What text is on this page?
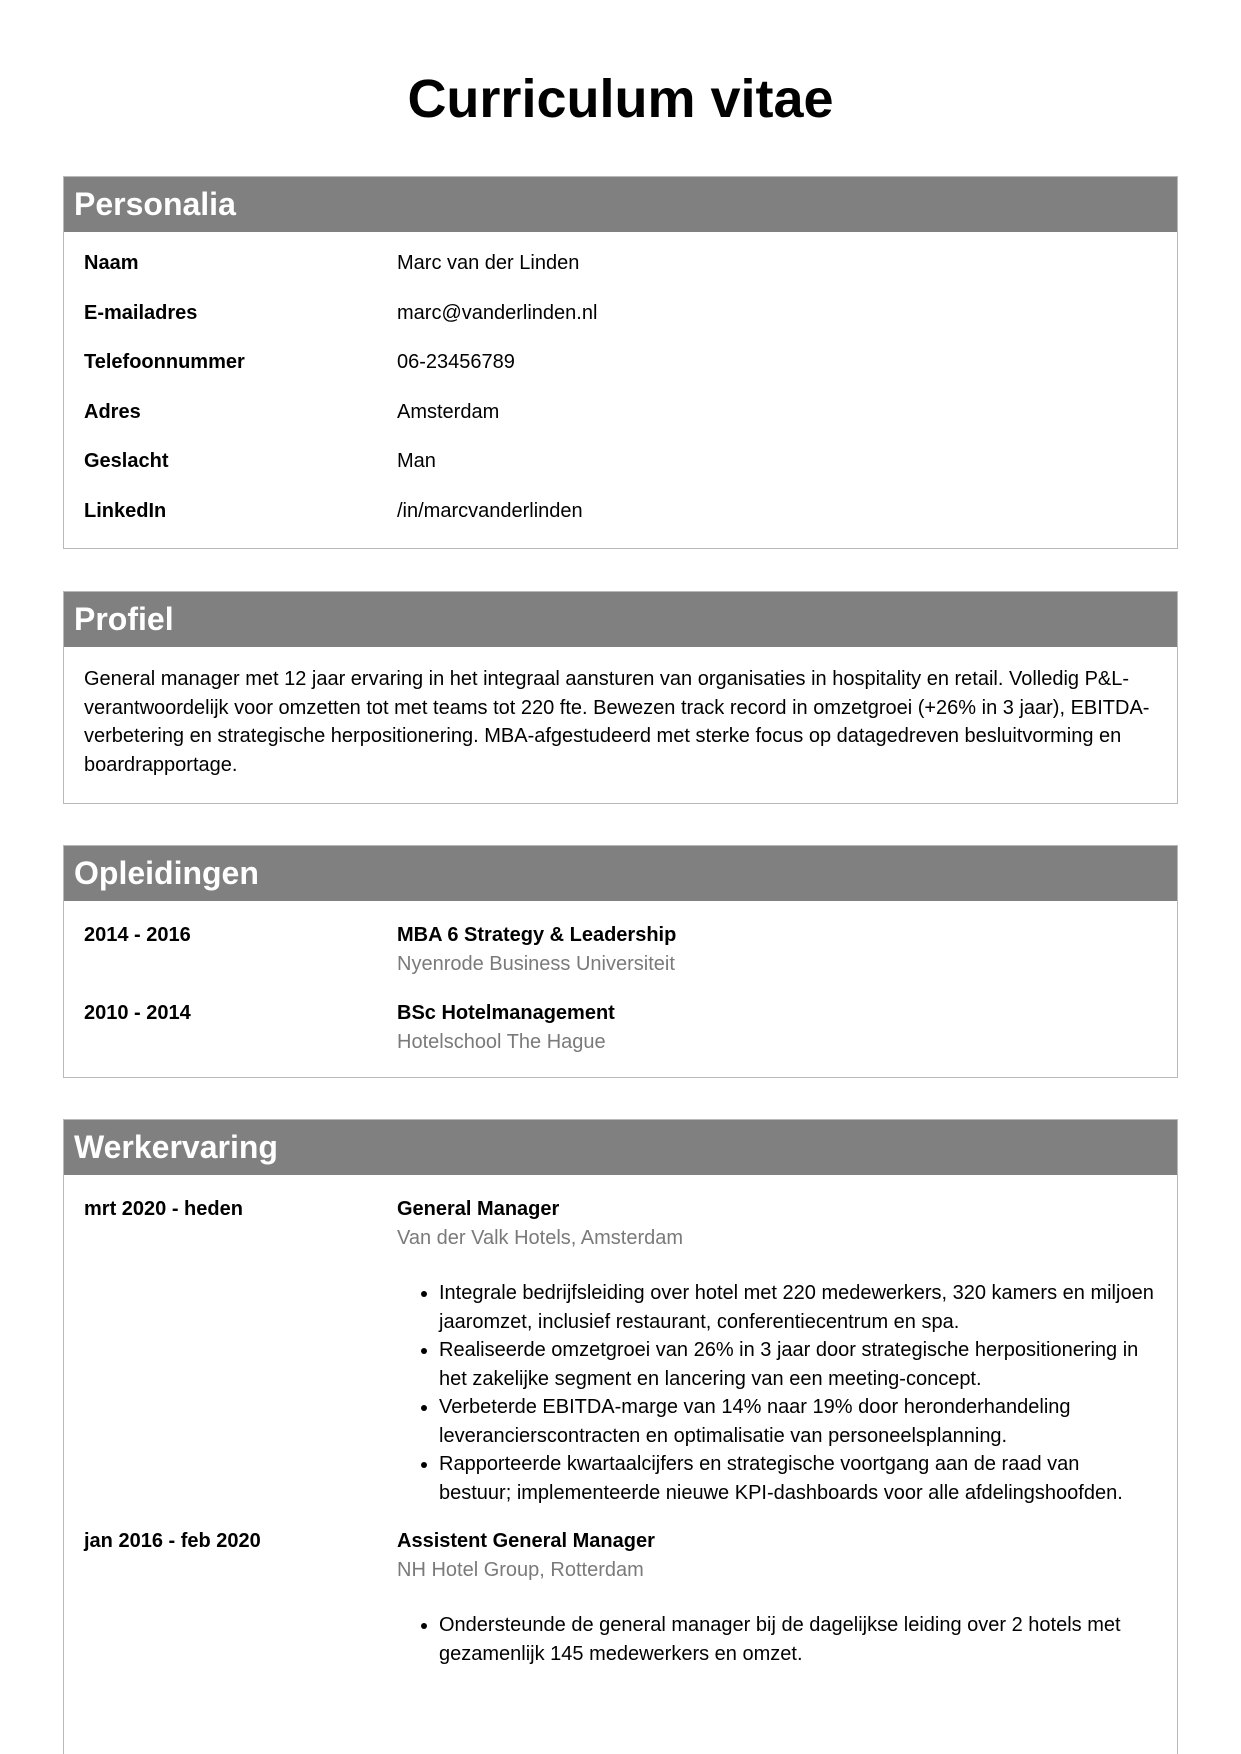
Curriculum vitae
Personalia
Naam	Marc van der Linden
E-mailadres	marc@vanderlinden.nl
Telefoonnummer	06-23456789
Adres	Amsterdam
Geslacht	Man
LinkedIn	/in/marcvanderlinden
Profiel
General manager met 12 jaar ervaring in het integraal aansturen van organisaties in hospitality en retail. Volledig P&L-verantwoordelijk voor omzetten tot met teams tot 220 fte. Bewezen track record in omzetgroei (+26% in 3 jaar), EBITDA-verbetering en strategische herpositionering. MBA-afgestudeerd met sterke focus op datagedreven besluitvorming en boardrapportage.
Opleidingen
2014 - 2016	MBA 6 Strategy & Leadership
Nyenrode Business Universiteit
2010 - 2014	BSc Hotelmanagement
Hotelschool The Hague
Werkervaring
mrt 2020 - heden	General Manager
Van der Valk Hotels, Amsterdam
• Integrale bedrijfsleiding over hotel met 220 medewerkers, 320 kamers en miljoen jaaromzet, inclusief restaurant, conferentiecentrum en spa.
• Realiseerde omzetgroei van 26% in 3 jaar door strategische herpositionering in het zakelijke segment en lancering van een meeting-concept.
• Verbeterde EBITDA-marge van 14% naar 19% door heronderhandeling leverancierscontracten en optimalisatie van personeelsplanning.
• Rapporteerde kwartaalcijfers en strategische voortgang aan de raad van bestuur; implementeerde nieuwe KPI-dashboards voor alle afdelingshoofden.
jan 2016 - feb 2020	Assistent General Manager
NH Hotel Group, Rotterdam
• Ondersteunde de general manager bij de dagelijkse leiding over 2 hotels met gezamenlijk 145 medewerkers en omzet.
